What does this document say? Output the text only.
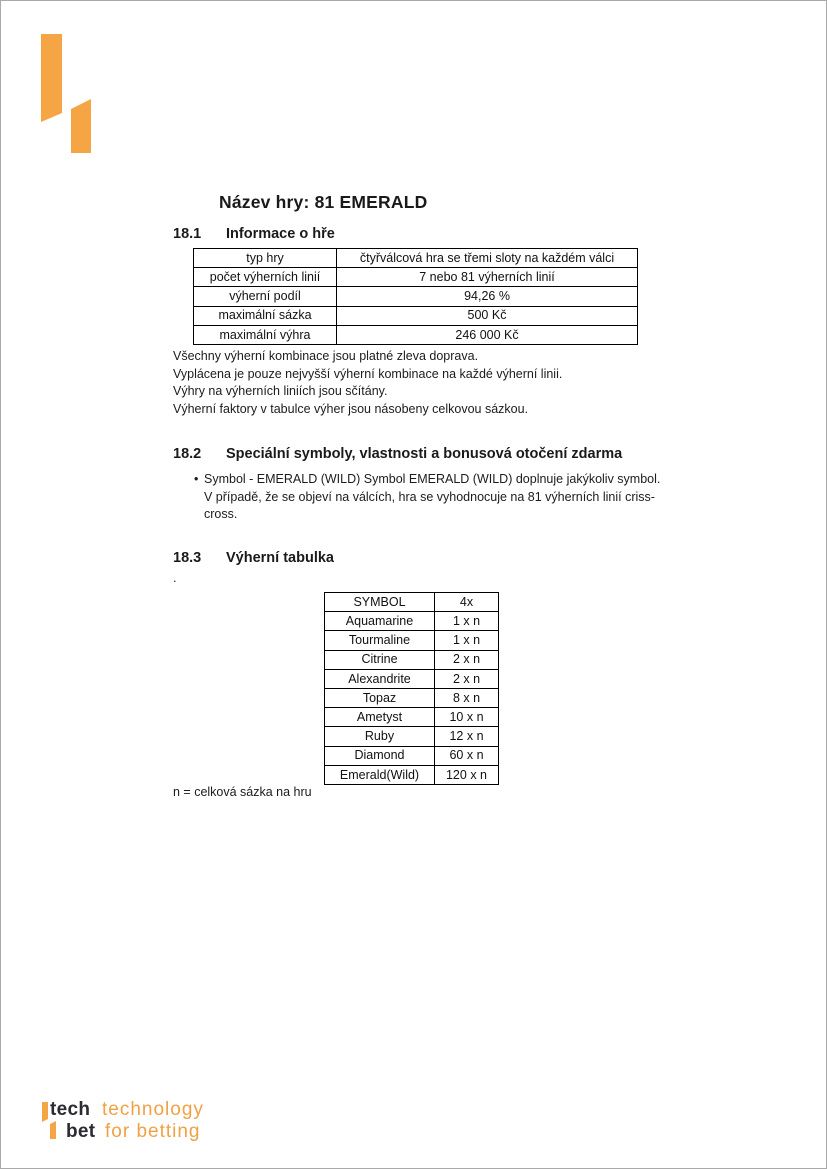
Název hry: 81 EMERALD
18.1	Informace o hře
typ hry	čtyřválcová hra se třemi sloty na každém válci
počet výherních linií	7 nebo 81 výherních linií
výherní podíl	94,26 %
maximální sázka	500 Kč
maximální výhra	246 000 Kč
Všechny výherní kombinace jsou platné zleva doprava.
Vyplácena je pouze nejvyšší výherní kombinace na každé výherní linii.
Výhry na výherních liniích jsou sčítány.
Výherní faktory v tabulce výher jsou násobeny celkovou sázkou.
18.2	Speciální symboly, vlastnosti a bonusová otočení zdarma
• Symbol - EMERALD (WILD) Symbol EMERALD (WILD) doplnuje jakýkoliv symbol. V případě, že se objeví na válcích, hra se vyhodnocuje na 81 výherních linií criss-cross.
18.3	Výherní tabulka
.
SYMBOL	4x
Aquamarine	1 x n
Tourmaline	1 x n
Citrine	2 x n
Alexandrite	2 x n
Topaz	8 x n
Ametyst	10 x n
Ruby	12 x n
Diamond	60 x n
Emerald(Wild)	120 x n
n = celková sázka na hru
tech technology
bet for betting
